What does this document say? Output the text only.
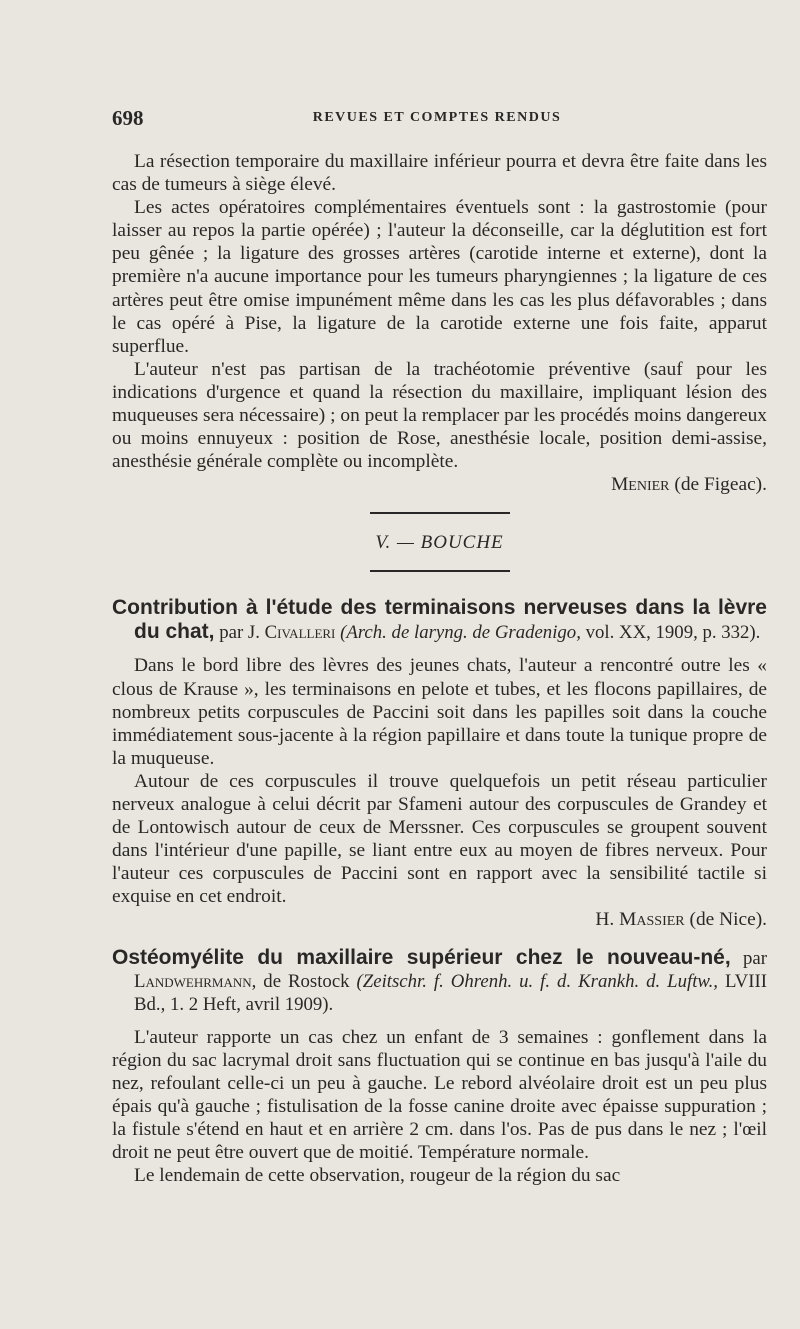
698	REVUES ET COMPTES RENDUS

La résection temporaire du maxillaire inférieur pourra et devra être faite dans les cas de tumeurs à siège élevé.

Les actes opératoires complémentaires éventuels sont : la gastrostomie (pour laisser au repos la partie opérée) ; l'auteur la déconseille, car la déglutition est fort peu gênée ; la ligature des grosses artères (carotide interne et externe), dont la première n'a aucune importance pour les tumeurs pharyngiennes ; la ligature de ces artères peut être omise impunément même dans les cas les plus défavorables ; dans le cas opéré à Pise, la ligature de la carotide externe une fois faite, apparut superflue.

L'auteur n'est pas partisan de la trachéotomie préventive (sauf pour les indications d'urgence et quand la résection du maxillaire, impliquant lésion des muqueuses sera nécessaire) ; on peut la remplacer par les procédés moins dangereux ou moins ennuyeux : position de Rose, anesthésie locale, position demi-assise, anesthésie générale complète ou incomplète.

Menier (de Figeac).

V. — BOUCHE
Contribution à l'étude des terminaisons nerveuses dans la lèvre du chat, par J. Civalleri (Arch. de laryng. de Gradenigo, vol. XX, 1909, p. 332).

Dans le bord libre des lèvres des jeunes chats, l'auteur a rencontré outre les « clous de Krause », les terminaisons en pelote et tubes, et les flocons papillaires, de nombreux petits corpuscules de Paccini soit dans les papilles soit dans la couche immédiatement sous-jacente à la région papillaire et dans toute la tunique propre de la muqueuse.

Autour de ces corpuscules il trouve quelquefois un petit réseau particulier nerveux analogue à celui décrit par Sfameni autour des corpuscules de Grandey et de Lontowisch autour de ceux de Merssner. Ces corpuscules se groupent souvent dans l'intérieur d'une papille, se liant entre eux au moyen de fibres nerveux. Pour l'auteur ces corpuscules de Paccini sont en rapport avec la sensibilité tactile si exquise en cet endroit.

H. Massier (de Nice).

Ostéomyélite du maxillaire supérieur chez le nouveau-né, par Landwehrmann, de Rostock (Zeitschr. f. Ohrenh. u. f. d. Krankh. d. Luftw., LVIII Bd., 1. 2 Heft, avril 1909).

L'auteur rapporte un cas chez un enfant de 3 semaines : gonflement dans la région du sac lacrymal droit sans fluctuation qui se continue en bas jusqu'à l'aile du nez, refoulant celle-ci un peu à gauche. Le rebord alvéolaire droit est un peu plus épais qu'à gauche ; fistulisation de la fosse canine droite avec épaisse suppuration ; la fistule s'étend en haut et en arrière 2 cm. dans l'os. Pas de pus dans le nez ; l'œil droit ne peut être ouvert que de moitié. Température normale.

Le lendemain de cette observation, rougeur de la région du sac
